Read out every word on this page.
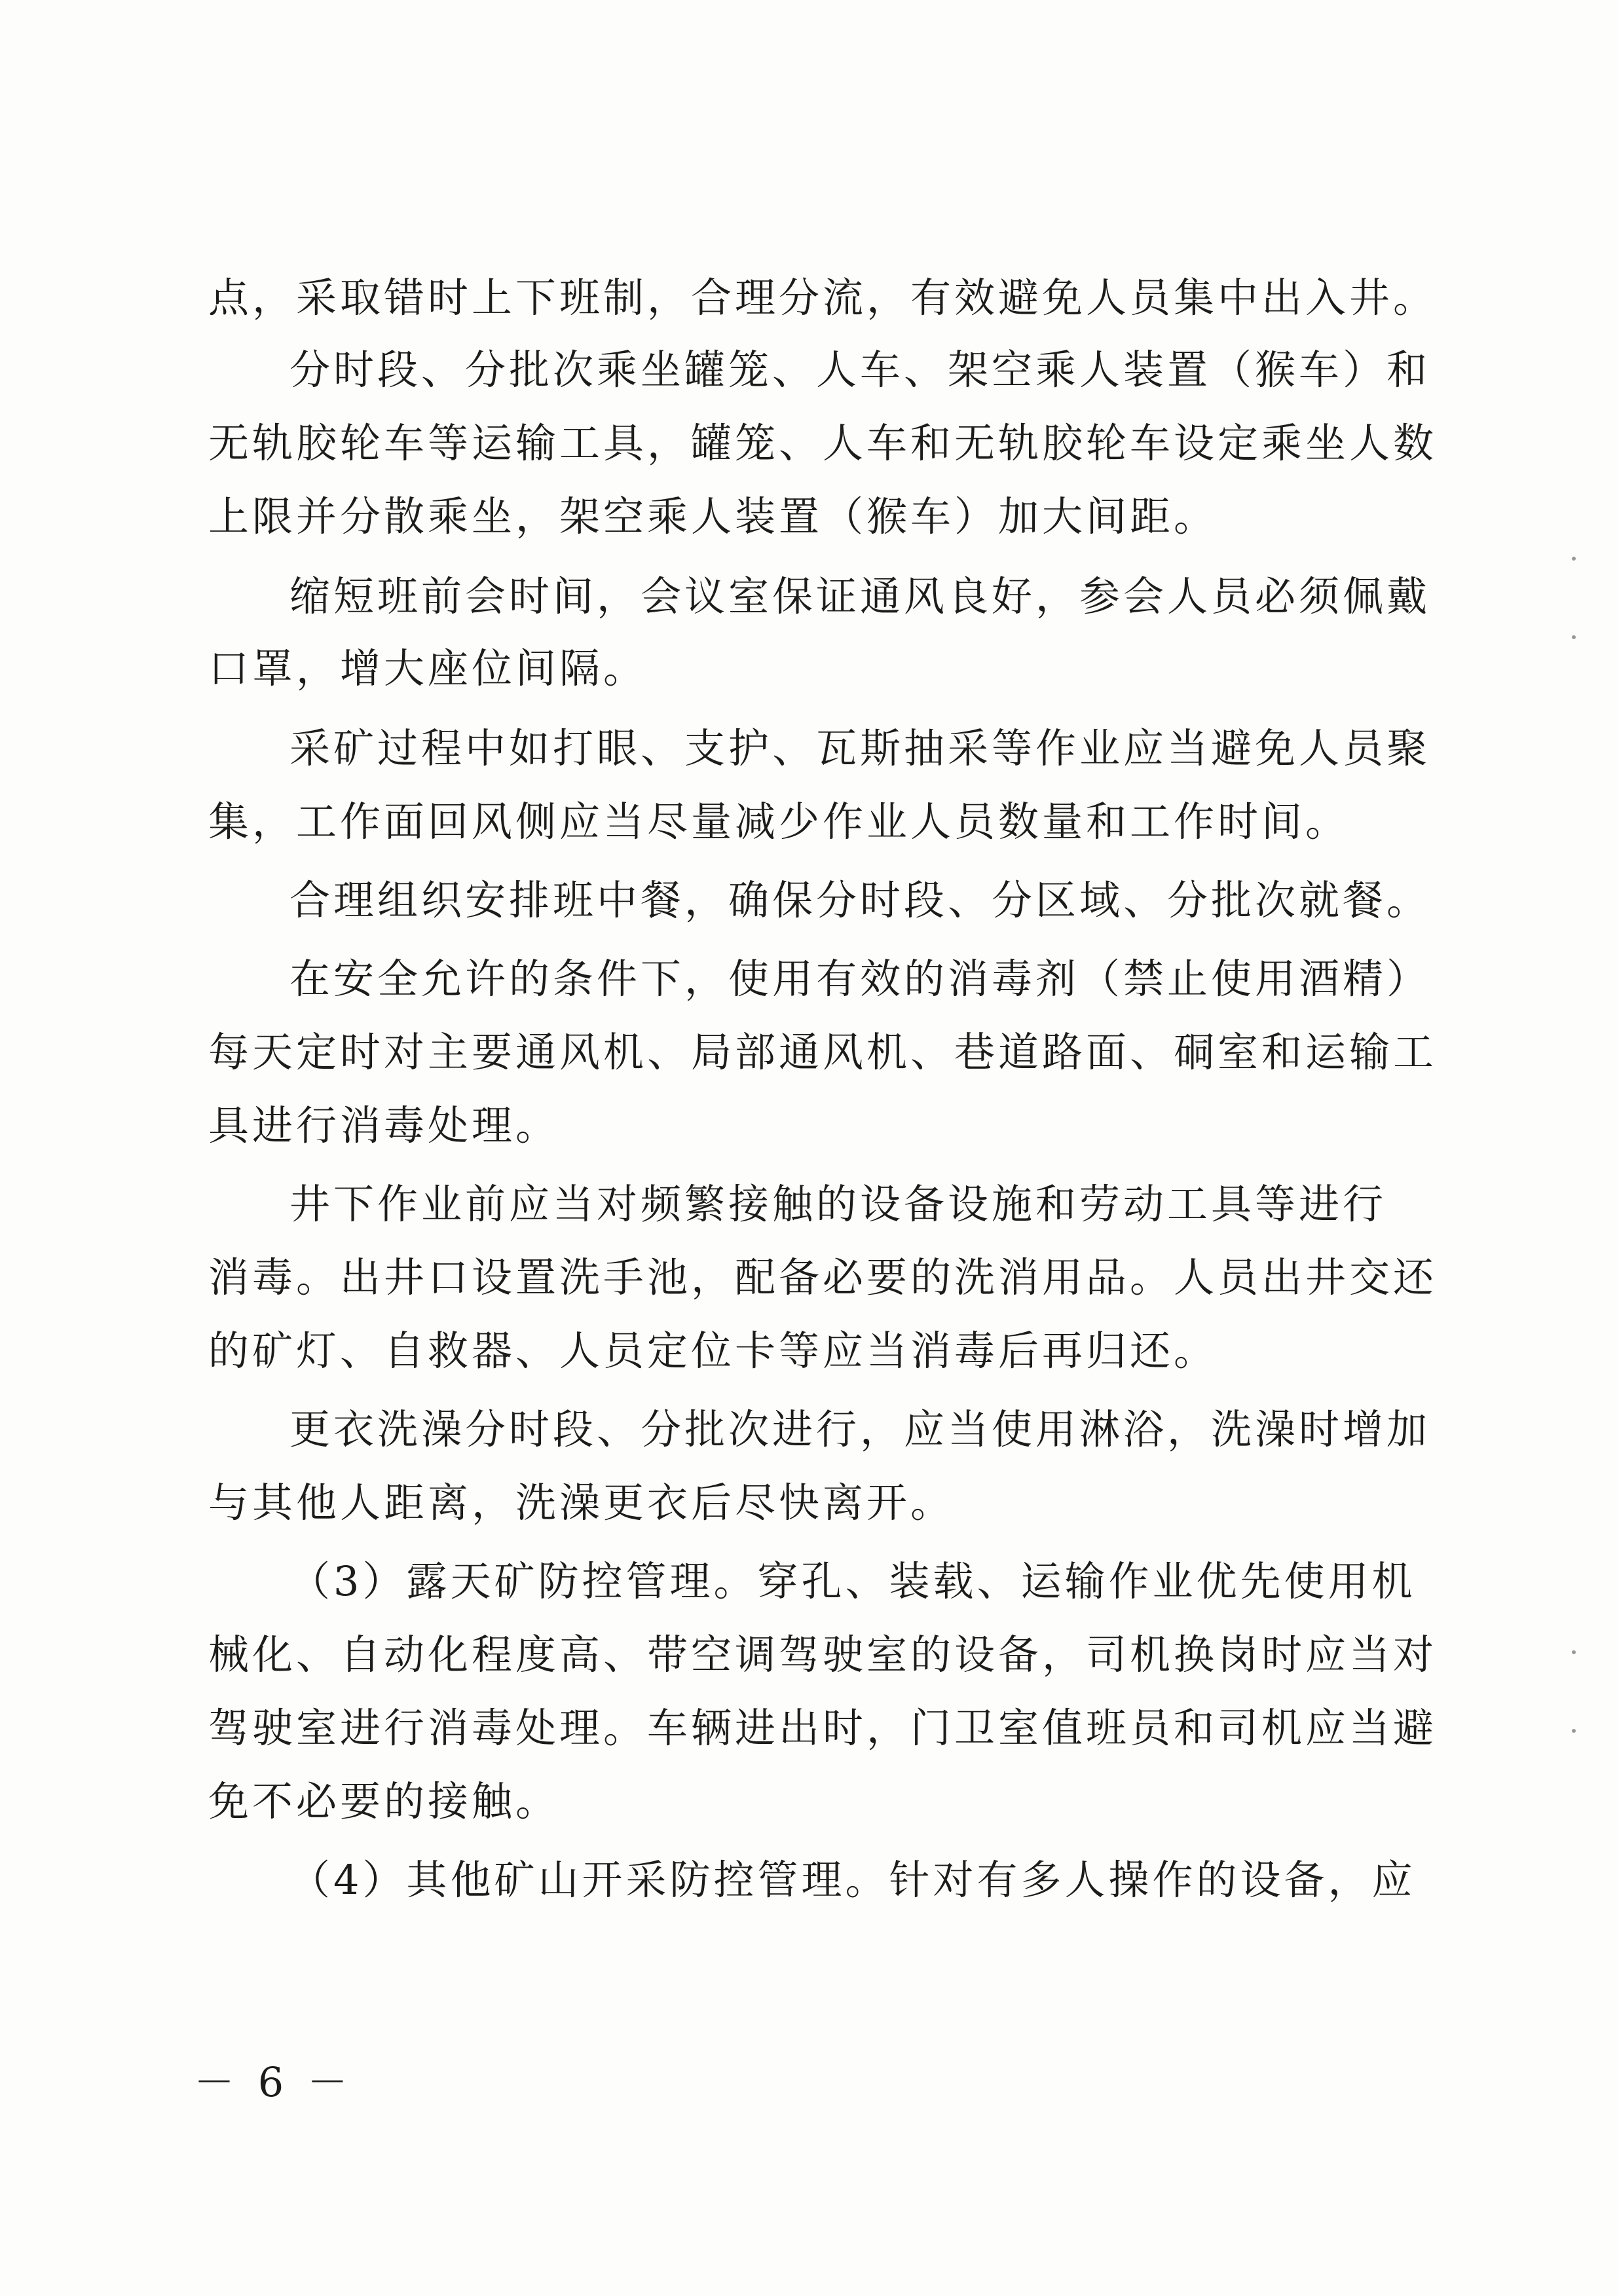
点，采取错时上下班制，合理分流，有效避免人员集中出入井。
分时段、分批次乘坐罐笼、人车、架空乘人装置（猴车）和
无轨胶轮车等运输工具，罐笼、人车和无轨胶轮车设定乘坐人数
上限并分散乘坐，架空乘人装置（猴车）加大间距。
缩短班前会时间，会议室保证通风良好，参会人员必须佩戴
口罩，增大座位间隔。
采矿过程中如打眼、支护、瓦斯抽采等作业应当避免人员聚
集，工作面回风侧应当尽量减少作业人员数量和工作时间。
合理组织安排班中餐，确保分时段、分区域、分批次就餐。
在安全允许的条件下，使用有效的消毒剂（禁止使用酒精）
每天定时对主要通风机、局部通风机、巷道路面、硐室和运输工
具进行消毒处理。
井下作业前应当对频繁接触的设备设施和劳动工具等进行
消毒。出井口设置洗手池，配备必要的洗消用品。人员出井交还
的矿灯、自救器、人员定位卡等应当消毒后再归还。
更衣洗澡分时段、分批次进行，应当使用淋浴，洗澡时增加
与其他人距离，洗澡更衣后尽快离开。
（3）露天矿防控管理。穿孔、装载、运输作业优先使用机
械化、自动化程度高、带空调驾驶室的设备，司机换岗时应当对
驾驶室进行消毒处理。车辆进出时，门卫室值班员和司机应当避
免不必要的接触。
（4）其他矿山开采防控管理。针对有多人操作的设备，应
－ 6 －
